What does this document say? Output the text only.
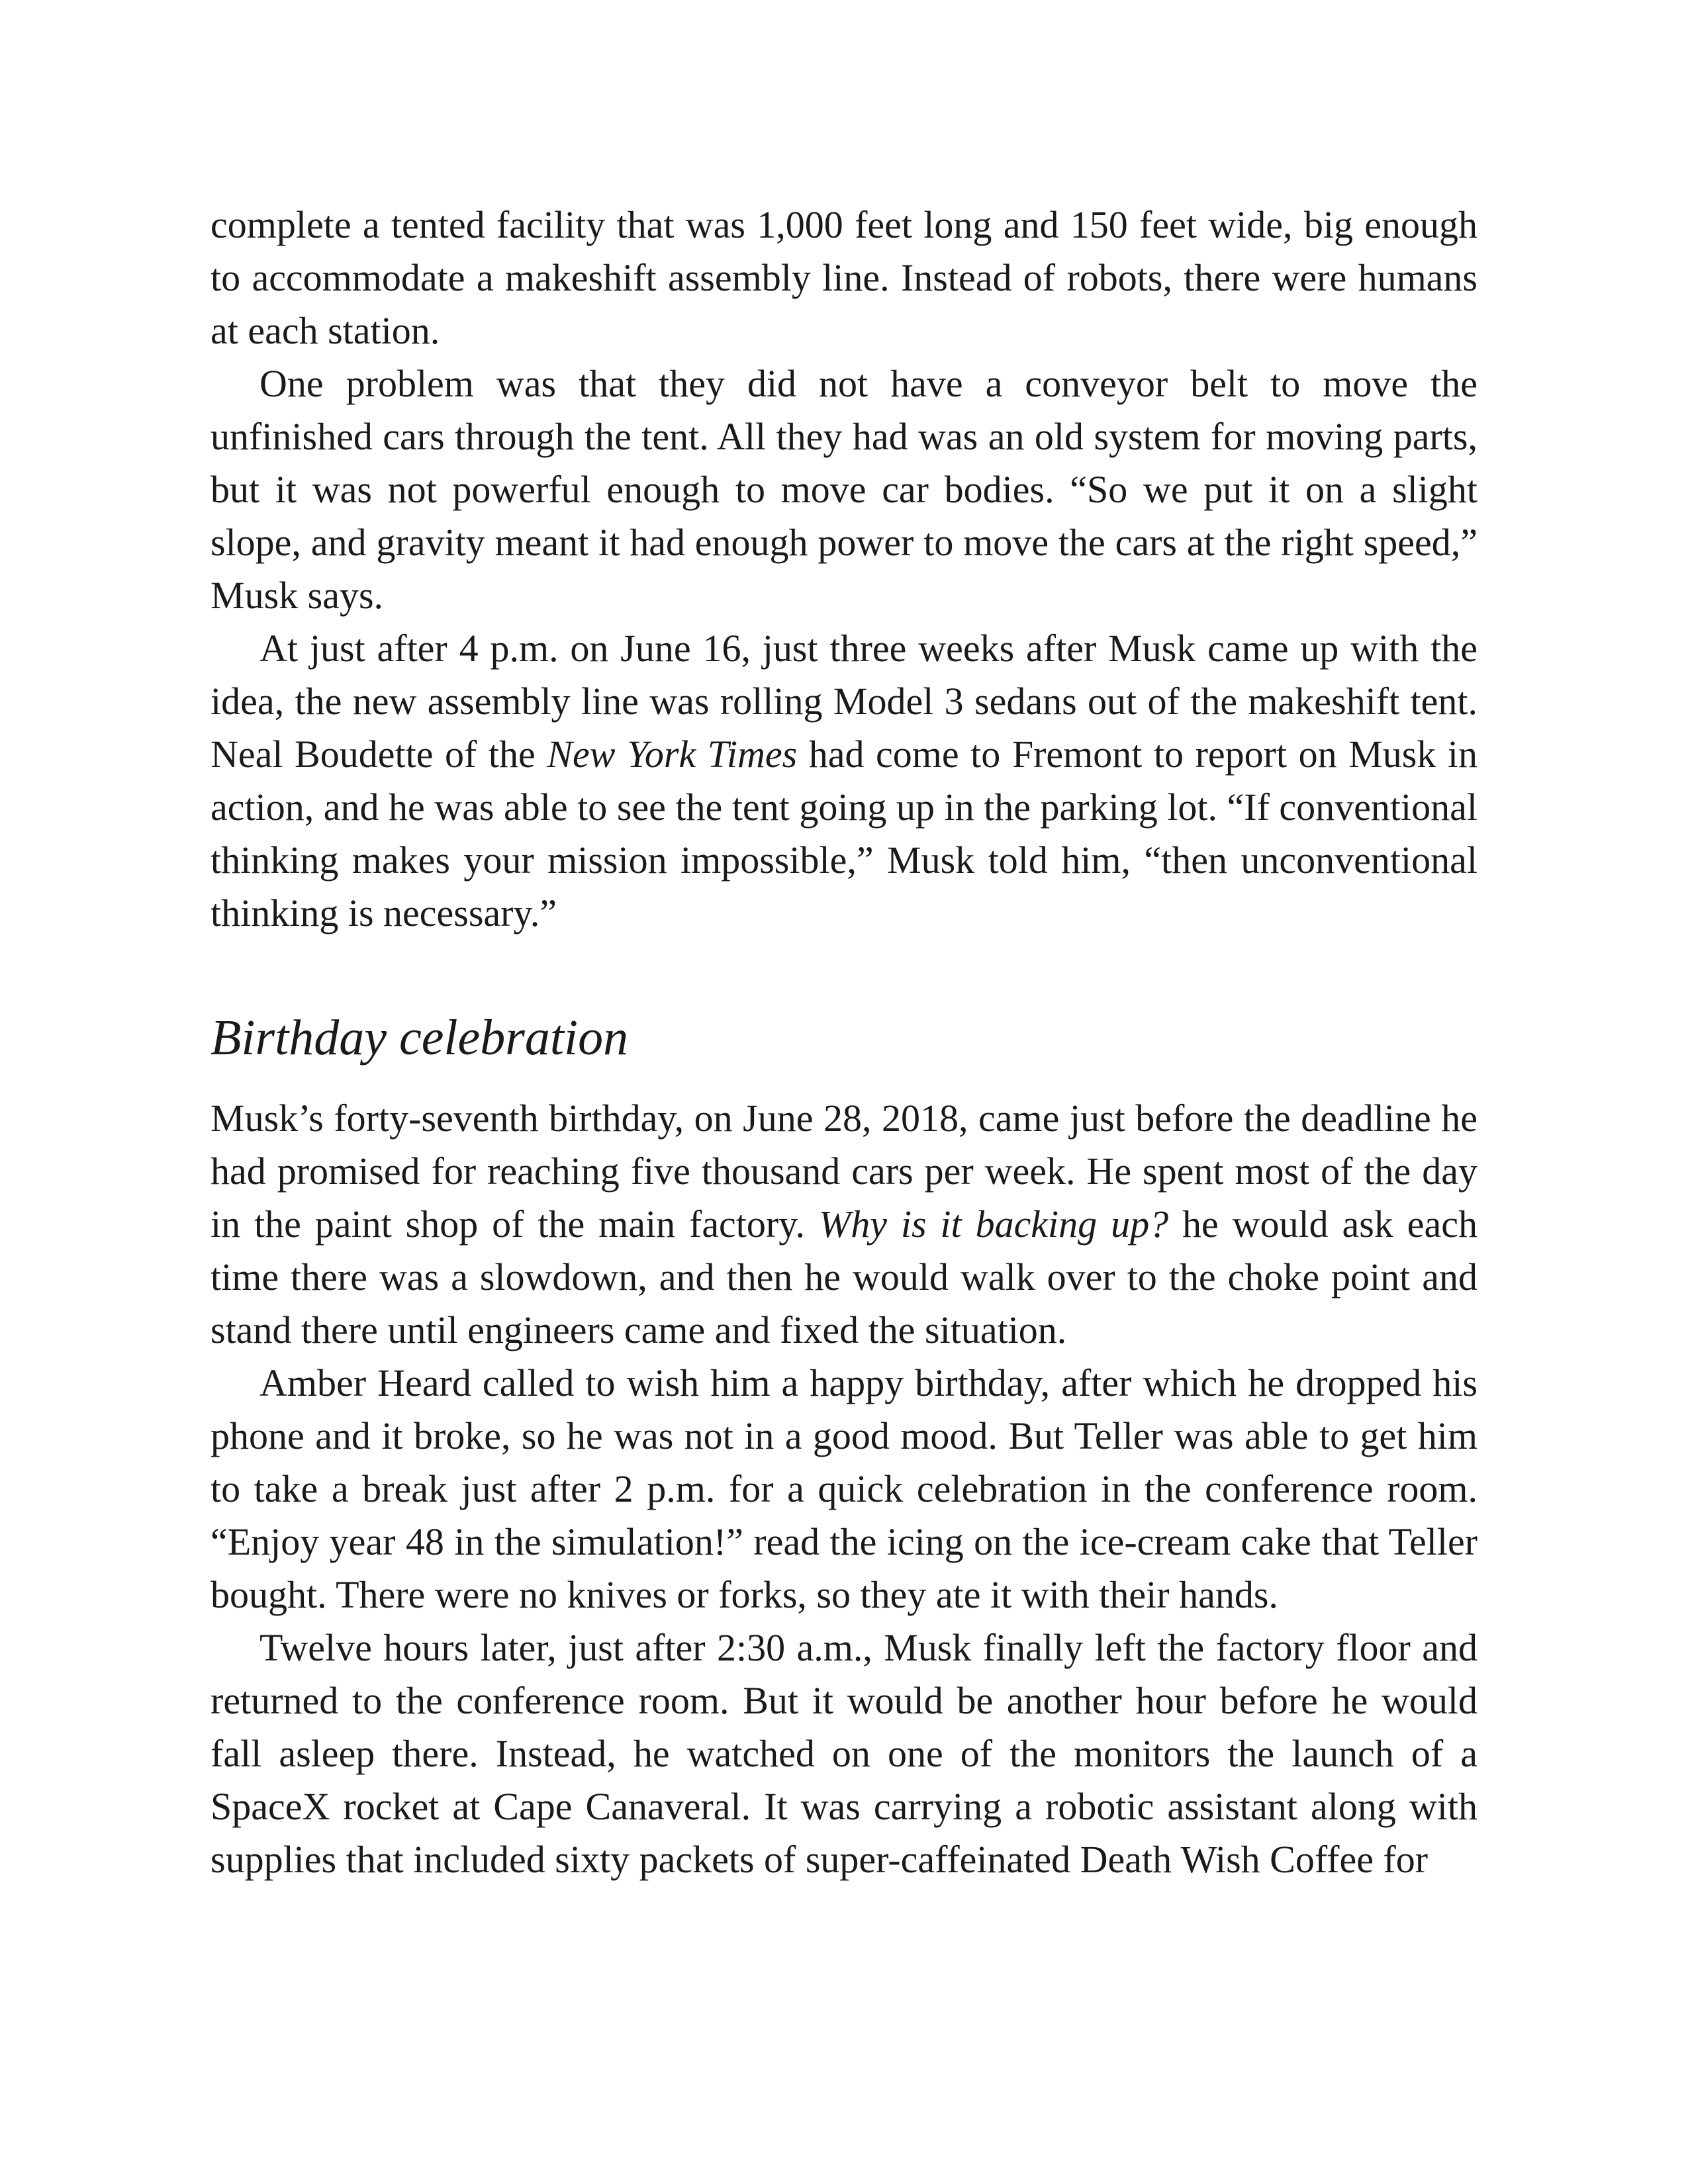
complete a tented facility that was 1,000 feet long and 150 feet wide, big enough to accommodate a makeshift assembly line. Instead of robots, there were humans at each station.

One problem was that they did not have a conveyor belt to move the unfinished cars through the tent. All they had was an old system for moving parts, but it was not powerful enough to move car bodies. “So we put it on a slight slope, and gravity meant it had enough power to move the cars at the right speed,” Musk says.

At just after 4 p.m. on June 16, just three weeks after Musk came up with the idea, the new assembly line was rolling Model 3 sedans out of the makeshift tent. Neal Boudette of the New York Times had come to Fremont to report on Musk in action, and he was able to see the tent going up in the parking lot. “If conventional thinking makes your mission impossible,” Musk told him, “then unconventional thinking is necessary.”

Birthday celebration

Musk’s forty-seventh birthday, on June 28, 2018, came just before the deadline he had promised for reaching five thousand cars per week. He spent most of the day in the paint shop of the main factory. Why is it backing up? he would ask each time there was a slowdown, and then he would walk over to the choke point and stand there until engineers came and fixed the situation.

Amber Heard called to wish him a happy birthday, after which he dropped his phone and it broke, so he was not in a good mood. But Teller was able to get him to take a break just after 2 p.m. for a quick celebration in the conference room. “Enjoy year 48 in the simulation!” read the icing on the ice-cream cake that Teller bought. There were no knives or forks, so they ate it with their hands.

Twelve hours later, just after 2:30 a.m., Musk finally left the factory floor and returned to the conference room. But it would be another hour before he would fall asleep there. Instead, he watched on one of the monitors the launch of a SpaceX rocket at Cape Canaveral. It was carrying a robotic assistant along with supplies that included sixty packets of super-caffeinated Death Wish Coffee for
